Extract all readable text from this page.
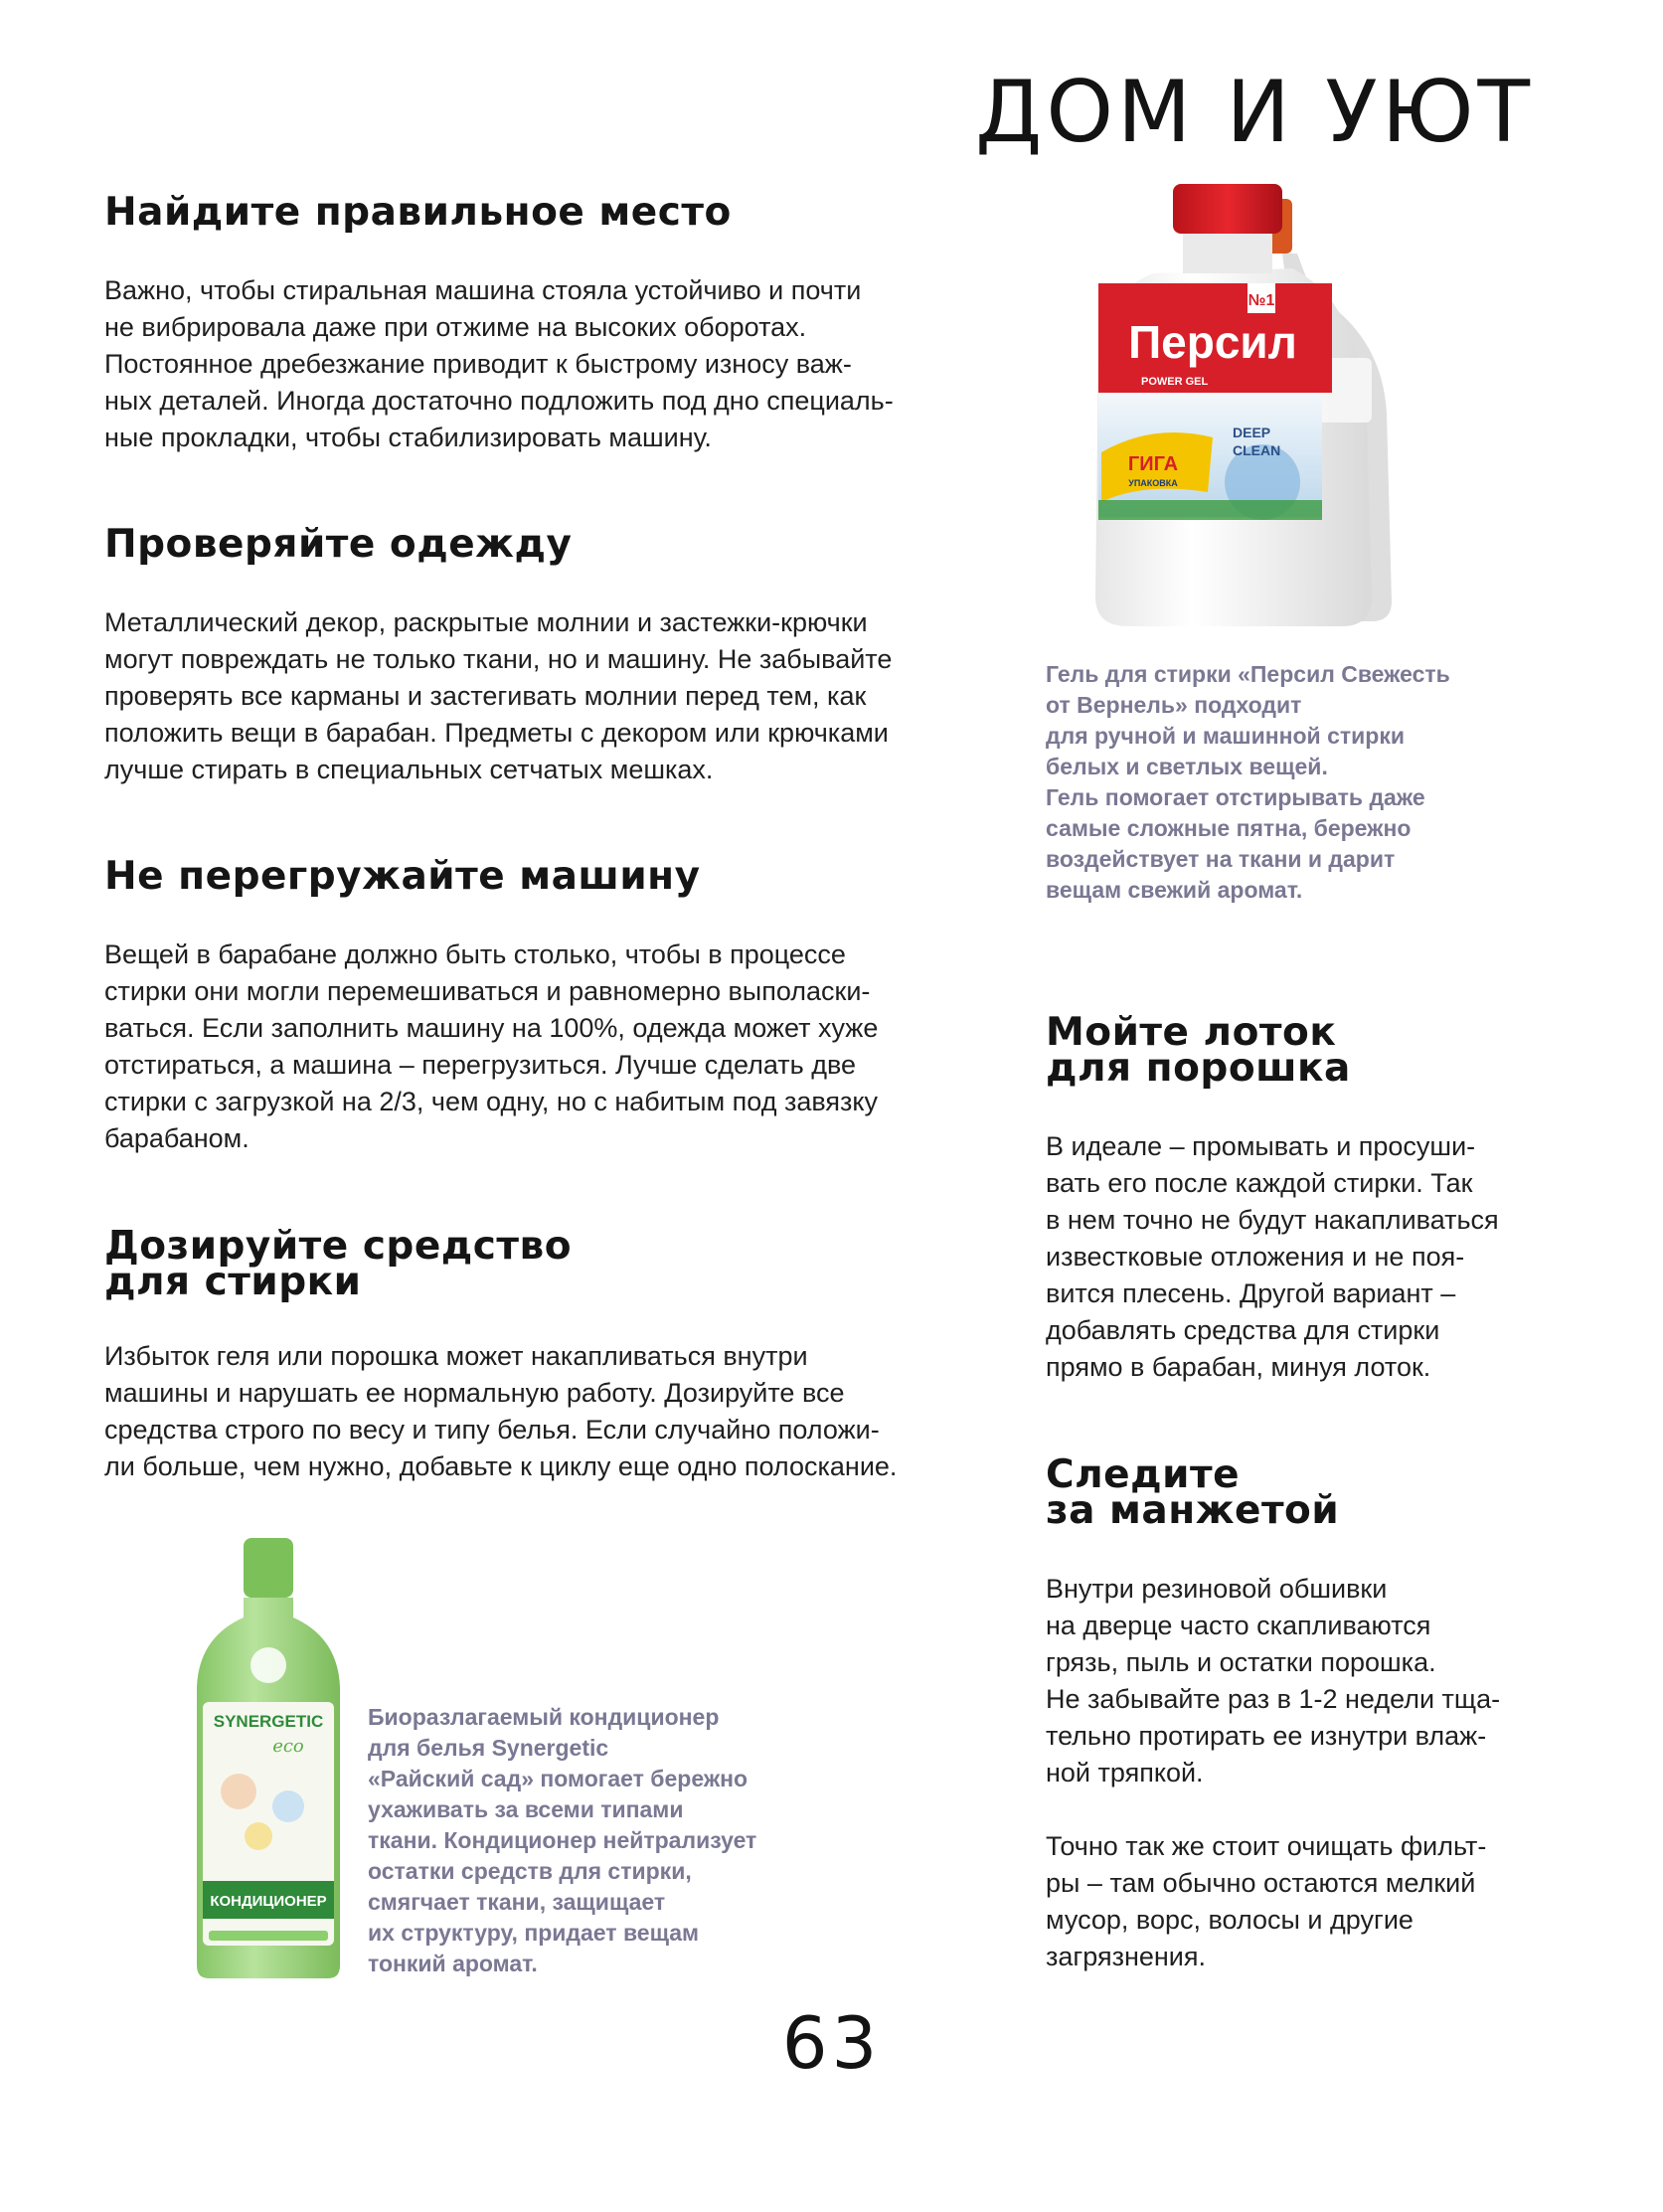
ДОМ И УЮТ
Найдите правильное место

Важно, чтобы стиральная машина стояла устойчиво и почти
не вибрировала даже при отжиме на высоких оборотах.
Постоянное дребезжание приводит к быстрому износу важ-
ных деталей. Иногда достаточно подложить под дно специаль-
ные прокладки, чтобы стабилизировать машину.

Проверяйте одежду

Металлический декор, раскрытые молнии и застежки-крючки
могут повреждать не только ткани, но и машину. Не забывайте
проверять все карманы и застегивать молнии перед тем, как
положить вещи в барабан. Предметы с декором или крючками
лучше стирать в специальных сетчатых мешках.

Не перегружайте машину

Вещей в барабане должно быть столько, чтобы в процессе
стирки они могли перемешиваться и равномерно выполаски-
ваться. Если заполнить машину на 100%, одежда может хуже
отстираться, а машина – перегрузиться. Лучше сделать две
стирки с загрузкой на 2/3, чем одну, но с набитым под завязку
барабаном.

Дозируйте средство
для стирки

Избыток геля или порошка может накапливаться внутри
машины и нарушать ее нормальную работу. Дозируйте все
средства строго по весу и типу белья. Если случайно положи-
ли больше, чем нужно, добавьте к циклу еще одно полоскание.

№1
Персил
POWER GEL
DEEP
CLEAN
ГИГА
УПАКОВКА

Гель для стирки «Персил Свежесть
от Вернель» подходит
для ручной и машинной стирки
белых и светлых вещей.
Гель помогает отстирывать даже
самые сложные пятна, бережно
воздействует на ткани и дарит
вещам свежий аромат.

Мойте лоток
для порошка

В идеале – промывать и просуши-
вать его после каждой стирки. Так
в нем точно не будут накапливаться
известковые отложения и не поя-
вится плесень. Другой вариант –
добавлять средства для стирки
прямо в барабан, минуя лоток.

Следите
за манжетой

Внутри резиновой обшивки
на дверце часто скапливаются
грязь, пыль и остатки порошка.
Не забывайте раз в 1-2 недели тща-
тельно протирать ее изнутри влаж-
ной тряпкой.
Точно так же стоит очищать фильт-
ры – там обычно остаются мелкий
мусор, ворс, волосы и другие
загрязнения.

SYNERGETIC
eco
КОНДИЦИОНЕР

Биоразлагаемый кондиционер
для белья Synergetic
«Райский сад» помогает бережно
ухаживать за всеми типами
ткани. Кондиционер нейтрализует
остатки средств для стирки,
смягчает ткани, защищает
их структуру, придает вещам
тонкий аромат.

63
